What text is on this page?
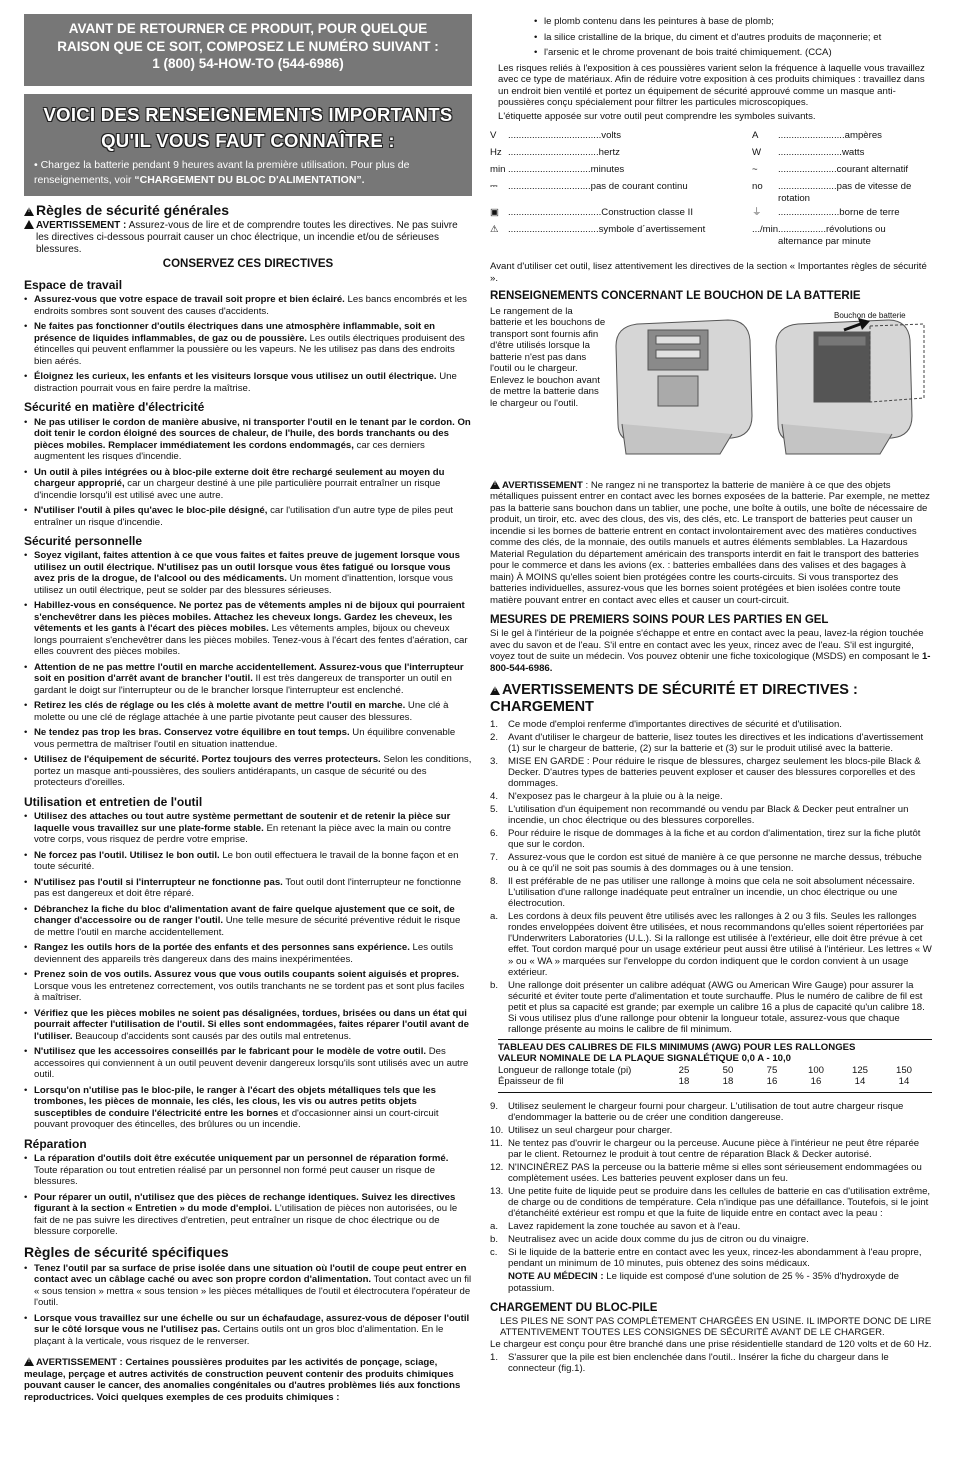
AVANT DE RETOURNER CE PRODUIT, POUR QUELQUE
RAISON QUE CE SOIT, COMPOSEZ LE NUMÉRO SUIVANT :
1 (800) 54-HOW-TO (544-6986)
VOICI DES RENSEIGNEMENTS IMPORTANTS
QU'IL VOUS FAUT CONNAÎTRE :
• Chargez la batterie pendant 9 heures avant la première utilisation. Pour plus de renseignements, voir “CHARGEMENT DU BLOC D'ALIMENTATION”.
!Règles de sécurité générales

!AVERTISSEMENT : Assurez-vous de lire et de comprendre toutes les directives. Ne pas suivre les directives ci-dessous pourrait causer un choc électrique, un incendie et/ou de sérieuses blessures.

CONSERVEZ CES DIRECTIVES
Espace de travail
• Assurez-vous que votre espace de travail soit propre et bien éclairé. Les bancs encombrés et les endroits sombres sont souvent des causes d'accidents.
• Ne faites pas fonctionner d'outils électriques dans une atmosphère inflammable, soit en présence de liquides inflammables, de gaz ou de poussière. Les outils électriques produisent des étincelles qui peuvent enflammer la poussière ou les vapeurs. Ne les utilisez pas dans des endroits bien aérés.
• Éloignez les curieux, les enfants et les visiteurs lorsque vous utilisez un outil électrique. Une distraction pourrait vous en faire perdre la maîtrise.
Sécurité en matière d'électricité
• Ne pas utiliser le cordon de manière abusive, ni transporter l'outil en le tenant par le cordon. On doit tenir le cordon éloigné des sources de chaleur, de l'huile, des bords tranchants ou des pièces mobiles. Remplacer immédiatement les cordons endommagés, car ces derniers augmentent les risques d'incendie.
• Un outil à piles intégrées ou à bloc-pile externe doit être rechargé seulement au moyen du chargeur approprié, car un chargeur destiné à une pile particulière pourrait entraîner un risque d'incendie lorsqu'il est utilisé avec une autre.
• N'utiliser l'outil à piles qu'avec le bloc-pile désigné, car l'utilisation d'un autre type de piles peut entraîner un risque d'incendie.
Sécurité personnelle
• Soyez vigilant, faites attention à ce que vous faites et faites preuve de jugement lorsque vous utilisez un outil électrique. N'utilisez pas un outil lorsque vous êtes fatigué ou lorsque vous avez pris de la drogue, de l'alcool ou des médicaments. Un moment d'inattention, lorsque vous utilisez un outil électrique, peut se solder par des blessures sérieuses.
• Habillez-vous en conséquence. Ne portez pas de vêtements amples ni de bijoux qui pourraient s'enchevêtrer dans les pièces mobiles. Attachez les cheveux longs. Gardez les cheveux, les vêtements et les gants à l'écart des pièces mobiles. Les vêtements amples, bijoux ou cheveux longs pourraient s'enchevêtrer dans les pièces mobiles. Tenez-vous à l'écart des fentes d'aération, car elles couvrent des pièces mobiles.
• Attention de ne pas mettre l'outil en marche accidentellement. Assurez-vous que l'interrupteur soit en position d'arrêt avant de brancher l'outil. Il est très dangereux de transporter un outil en gardant le doigt sur l'interrupteur ou de le brancher lorsque l'interrupteur est enclenché.
• Retirez les clés de réglage ou les clés à molette avant de mettre l'outil en marche. Une clé à molette ou une clé de réglage attachée à une partie pivotante peut causer des blessures.
• Ne tendez pas trop les bras. Conservez votre équilibre en tout temps. Un équilibre convenable vous permettra de maîtriser l'outil en situation inattendue.
• Utilisez de l'équipement de sécurité. Portez toujours des verres protecteurs. Selon les conditions, portez un masque anti-poussières, des souliers antidérapants, un casque de sécurité ou des protecteurs d'oreilles.
Utilisation et entretien de l'outil
• Utilisez des attaches ou tout autre système permettant de soutenir et de retenir la pièce sur laquelle vous travaillez sur une plate-forme stable. En retenant la pièce avec la main ou contre votre corps, vous risquez de perdre votre emprise.
• Ne forcez pas l'outil. Utilisez le bon outil. Le bon outil effectuera le travail de la bonne façon et en toute sécurité.
• N'utilisez pas l'outil si l'interrupteur ne fonctionne pas. Tout outil dont l'interrupteur ne fonctionne pas est dangereux et doit être réparé.
• Débranchez la fiche du bloc d'alimentation avant de faire quelque ajustement que ce soit, de changer d'accessoire ou de ranger l'outil. Une telle mesure de sécurité préventive réduit le risque de mettre l'outil en marche accidentellement.
• Rangez les outils hors de la portée des enfants et des personnes sans expérience. Les outils deviennent des appareils très dangereux dans des mains inexpérimentées.
• Prenez soin de vos outils. Assurez vous que vous outils coupants soient aiguisés et propres. Lorsque vous les entretenez correctement, vos outils tranchants ne se tordent pas et sont plus faciles à maîtriser.
• Vérifiez que les pièces mobiles ne soient pas désalignées, tordues, brisées ou dans un état qui pourrait affecter l'utilisation de l'outil. Si elles sont endommagées, faites réparer l'outil avant de l'utiliser. Beaucoup d'accidents sont causés par des outils mal entretenus.
• N'utilisez que les accessoires conseillés par le fabricant pour le modèle de votre outil. Des accessoires qui conviennent à un outil peuvent devenir dangereux lorsqu'ils sont utilisés avec un autre outil.
• Lorsqu'on n'utilise pas le bloc-pile, le ranger à l'écart des objets métalliques tels que les trombones, les pièces de monnaie, les clés, les clous, les vis ou autres petits objets susceptibles de conduire l'électricité entre les bornes et d'occasionner ainsi un court-circuit pouvant provoquer des étincelles, des brûlures ou un incendie.
Réparation
• La réparation d'outils doit être exécutée uniquement par un personnel de réparation formé. Toute réparation ou tout entretien réalisé par un personnel non formé peut causer un risque de blessures.
• Pour réparer un outil, n'utilisez que des pièces de rechange identiques. Suivez les directives figurant à la section « Entretien » du mode d'emploi. L'utilisation de pièces non autorisées, ou le fait de ne pas suivre les directives d'entretien, peut entraîner un risque de choc électrique ou de blessure corporelle.
Règles de sécurité spécifiques
• Tenez l'outil par sa surface de prise isolée dans une situation où l'outil de coupe peut entrer en contact avec un câblage caché ou avec son propre cordon d'alimentation. Tout contact avec un fil « sous tension » mettra « sous tension » les pièces métalliques de l'outil et électrocutera l'opérateur de l'outil.
• Lorsque vous travaillez sur une échelle ou sur un échafaudage, assurez-vous de déposer l'outil sur le côté lorsque vous ne l'utilisez pas. Certains outils ont un gros bloc d'alimentation. En le plaçant à la verticale, vous risquez de le renverser.

!AVERTISSEMENT : Certaines poussières produites par les activités de ponçage, sciage, meulage, perçage et autres activités de construction peuvent contenir des produits chimiques pouvant causer le cancer, des anomalies congénitales ou d'autres problèmes liés aux fonctions reproductrices. Voici quelques exemples de ces produits chimiques :

• le plomb contenu dans les peintures à base de plomb;
• la silice cristalline de la brique, du ciment et d'autres produits de maçonnerie; et
• l'arsenic et le chrome provenant de bois traité chimiquement. (CCA)

Les risques reliés à l'exposition à ces poussières varient selon la fréquence à laquelle vous travaillez avec ce type de matériaux. Afin de réduire votre exposition à ces produits chimiques : travaillez dans un endroit bien ventilé et portez un équipement de sécurité approuvé comme un masque anti-poussières conçu spécialement pour filtrer les particules microscopiques.

L'étiquette apposée sur votre outil peut comprendre les symboles suivants.

V	...................................volts	A	.........................ampères
Hz ..................................hertz	W	........................watts
min ...............................minutes	~	......................courant alternatif
⎓	...............................pas de courant continu	no	......................pas de vitesse de rotation
▣ ...................................Construction classe II	⏚	.......................borne de terre
⚠ ..................................symbole d´avertissement	.../min ..................révolutions ou alternance par minute

Avant d'utiliser cet outil, lisez attentivement les directives de la section « Importantes règles de sécurité ».

RENSEIGNEMENTS CONCERNANT LE BOUCHON DE LA BATTERIE
Le rangement de la batterie et les bouchons de transport sont fournis afin d'être utilisés lorsque la batterie n'est pas dans l'outil ou le chargeur. Enlevez le bouchon avant de mettre la batterie dans le chargeur ou l'outil.
Bouchon de batterie

!AVERTISSEMENT : Ne rangez ni ne transportez la batterie de manière à ce que des objets métalliques puissent entrer en contact avec les bornes exposées de la batterie. Par exemple, ne mettez pas la batterie sans bouchon dans un tablier, une poche, une boîte à outils, une boîte de nécessaire de produit, un tiroir, etc. avec des clous, des vis, des clés, etc. Le transport de batteries peut causer un incendie si les bornes de batterie entrent en contact involontairement avec des matières conductives comme des clés, de la monnaie, des outils manuels et autres éléments semblables. La Hazardous Material Regulation du département américain des transports interdit en fait le transport des batteries pour le commerce et dans les avions (ex. : batteries emballées dans des valises et des bagages à main) À MOINS qu'elles soient bien protégées contre les courts-circuits. Si vous transportez des batteries individuelles, assurez-vous que les bornes soient protégées et bien isolées contre toute matière pouvant entrer en contact avec elles et causer un court-circuit.

MESURES DE PREMIERS SOINS POUR LES PARTIES EN GEL

Si le gel à l'intérieur de la poignée s'échappe et entre en contact avec la peau, lavez-la région touchée avec du savon et de l'eau. S'il entre en contact avec les yeux, rincez avec de l'eau. S'il est ingurgité, voyez tout de suite un médecin. Vos pouvez obtenir une fiche toxicologique (MSDS) en composant le 1-800-544-6986.

!AVERTISSEMENTS DE SÉCURITÉ ET DIRECTIVES : CHARGEMENT
1. Ce mode d'emploi renferme d'importantes directives de sécurité et d'utilisation.
2. Avant d'utiliser le chargeur de batterie, lisez toutes les directives et les indications d'avertissement (1) sur le chargeur de batterie, (2) sur la batterie et (3) sur le produit utilisé avec la batterie.
3. MISE EN GARDE : Pour réduire le risque de blessures, chargez seulement les blocs-pile Black & Decker. D'autres types de batteries peuvent exploser et causer des blessures corporelles et des dommages.
4. N'exposez pas le chargeur à la pluie ou à la neige.
5. L'utilisation d'un équipement non recommandé ou vendu par Black & Decker peut entraîner un incendie, un choc électrique ou des blessures corporelles.
6. Pour réduire le risque de dommages à la fiche et au cordon d'alimentation, tirez sur la fiche plutôt que sur le cordon.
7. Assurez-vous que le cordon est situé de manière à ce que personne ne marche dessus, trébuche ou à ce qu'il ne soit pas soumis à des dommages ou à une tension.
8. Il est préférable de ne pas utiliser une rallonge à moins que cela ne soit absolument nécessaire. L'utilisation d'une rallonge inadéquate peut entraîner un incendie, un choc électrique ou une électrocution.
a. Les cordons à deux fils peuvent être utilisés avec les rallonges à 2 ou 3 fils. Seules les rallonges rondes enveloppées doivent être utilisées, et nous recommandons qu'elles soient répertoriées par l'Underwriters Laboratories (U.L.). Si la rallonge est utilisée à l'extérieur, elle doit être prévue à cet effet. Tout cordon marqué pour un usage extérieur peut aussi être utilisé à l'intérieur. Les lettres « W » ou « WA » marquées sur l'enveloppe du cordon indiquent que le cordon convient à un usage extérieur.
b. Une rallonge doit présenter un calibre adéquat (AWG ou American Wire Gauge) pour assurer la sécurité et éviter toute perte d'alimentation et toute surchauffe. Plus le numéro de calibre de fil est petit et plus sa capacité est grande; par exemple un calibre 16 a plus de capacité qu'un calibre 18. Si vous utilisez plus d'une rallonge pour obtenir la longueur totale, assurez-vous que chaque rallonge présente au moins le calibre de fil minimum.
TABLEAU DES CALIBRES DE FILS MINIMUMS (AWG) POUR LES RALLONGES
VALEUR NOMINALE DE LA PLAQUE SIGNALÉTIQUE 0,0 A - 10,0
Longueur de rallonge totale (pi)	25	50	75	100	125	150
Épaisseur de fil	18	18	16	16	14	14
9. Utilisez seulement le chargeur fourni pour chargeur. L'utilisation de tout autre chargeur risque d'endommager la batterie ou de créer une condition dangereuse.
10. Utilisez un seul chargeur pour charger.
11. Ne tentez pas d'ouvrir le chargeur ou la perceuse. Aucune pièce à l'intérieur ne peut être réparée par le client. Retournez le produit à tout centre de réparation Black & Decker autorisé.
12. N'INCINÉREZ PAS la perceuse ou la batterie même si elles sont sérieusement endommagées ou complètement usées. Les batteries peuvent exploser dans un feu.
13. Une petite fuite de liquide peut se produire dans les cellules de batterie en cas d'utilisation extrême, de charge ou de conditions de température. Cela n'indique pas une défaillance. Toutefois, si le joint d'étanchéité extérieur est rompu et que la fuite de liquide entre en contact avec la peau :
a. Lavez rapidement la zone touchée au savon et à l'eau.
b. Neutralisez avec un acide doux comme du jus de citron ou du vinaigre.
c. Si le liquide de la batterie entre en contact avec les yeux, rincez-les abondamment à l'eau propre, pendant un minimum de 10 minutes, puis obtenez des soins médicaux.

NOTE AU MÉDECIN : Le liquide est composé d'une solution de 25 % - 35% d'hydroxyde de potassium.

CHARGEMENT DU BLOC-PILE

LES PILES NE SONT PAS COMPLÈTEMENT CHARGÉES EN USINE. IL IMPORTE DONC DE LIRE ATTENTIVEMENT TOUTES LES CONSIGNES DE SÉCURITÉ AVANT DE LE CHARGER.

Le chargeur est conçu pour être branché dans une prise résidentielle standard de 120 volts et de 60 Hz.

1. S'assurer que la pile est bien enclenchée dans l'outil.. Insérer la fiche du chargeur dans le connecteur (fig.1).
